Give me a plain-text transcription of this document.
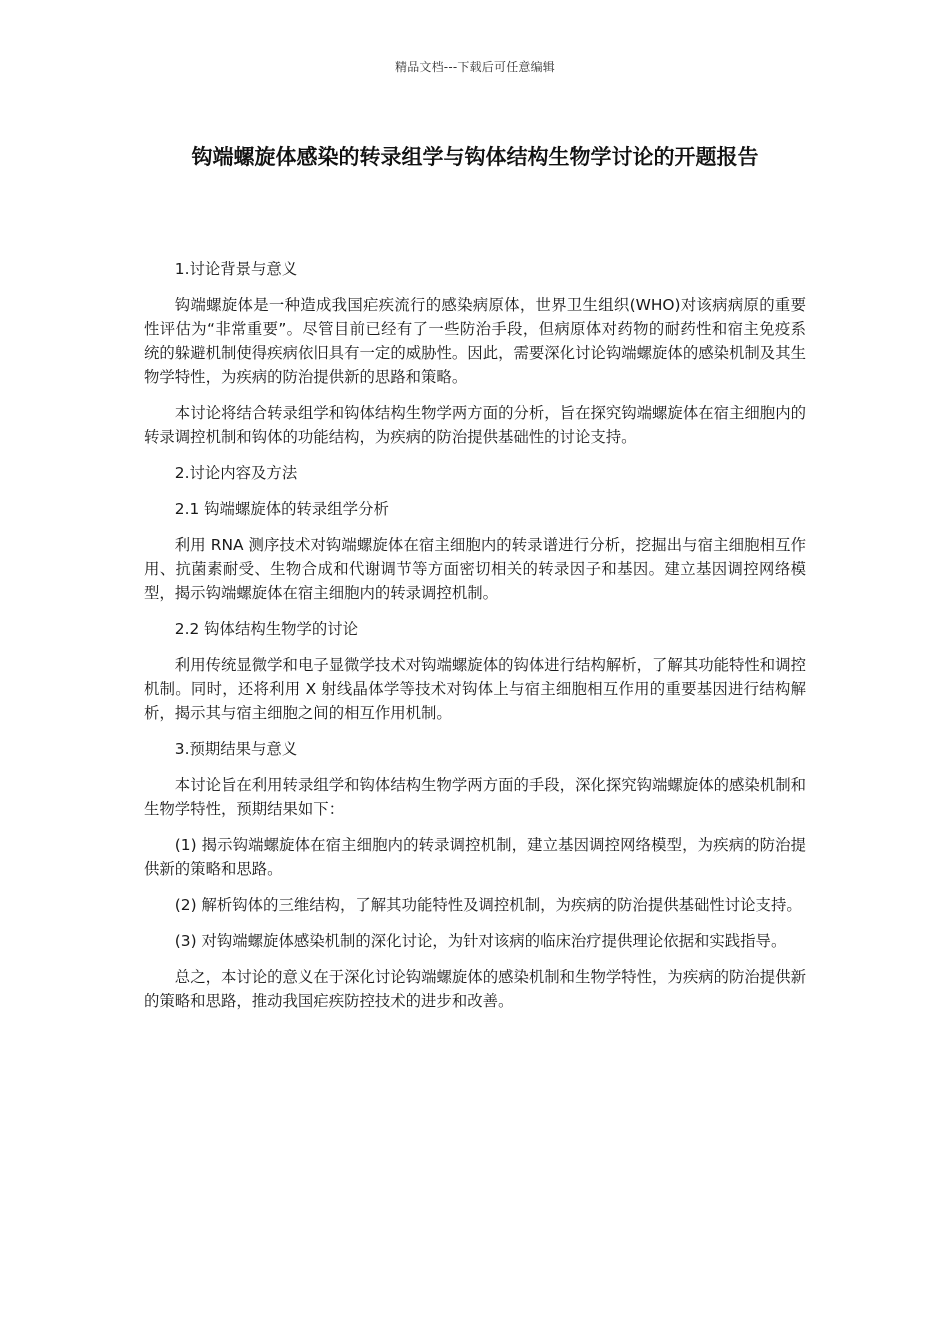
精品文档---下载后可任意编辑
钩端螺旋体感染的转录组学与钩体结构生物学讨论的开题报告

1.讨论背景与意义

钩端螺旋体是一种造成我国疟疾流行的感染病原体，世界卫生组织(WHO)对该病病原的重要性评估为“非常重要”。尽管目前已经有了一些防治手段，但病原体对药物的耐药性和宿主免疫系统的躲避机制使得疾病依旧具有一定的威胁性。因此，需要深化讨论钩端螺旋体的感染机制及其生物学特性，为疾病的防治提供新的思路和策略。

本讨论将结合转录组学和钩体结构生物学两方面的分析，旨在探究钩端螺旋体在宿主细胞内的转录调控机制和钩体的功能结构，为疾病的防治提供基础性的讨论支持。

2.讨论内容及方法

2.1 钩端螺旋体的转录组学分析

利用 RNA 测序技术对钩端螺旋体在宿主细胞内的转录谱进行分析，挖掘出与宿主细胞相互作用、抗菌素耐受、生物合成和代谢调节等方面密切相关的转录因子和基因。建立基因调控网络模型，揭示钩端螺旋体在宿主细胞内的转录调控机制。

2.2 钩体结构生物学的讨论

利用传统显微学和电子显微学技术对钩端螺旋体的钩体进行结构解析，了解其功能特性和调控机制。同时，还将利用 X 射线晶体学等技术对钩体上与宿主细胞相互作用的重要基因进行结构解析，揭示其与宿主细胞之间的相互作用机制。

3.预期结果与意义

本讨论旨在利用转录组学和钩体结构生物学两方面的手段，深化探究钩端螺旋体的感染机制和生物学特性，预期结果如下：

(1) 揭示钩端螺旋体在宿主细胞内的转录调控机制，建立基因调控网络模型，为疾病的防治提供新的策略和思路。

(2) 解析钩体的三维结构，了解其功能特性及调控机制，为疾病的防治提供基础性讨论支持。

(3) 对钩端螺旋体感染机制的深化讨论，为针对该病的临床治疗提供理论依据和实践指导。

总之，本讨论的意义在于深化讨论钩端螺旋体的感染机制和生物学特性，为疾病的防治提供新的策略和思路，推动我国疟疾防控技术的进步和改善。
